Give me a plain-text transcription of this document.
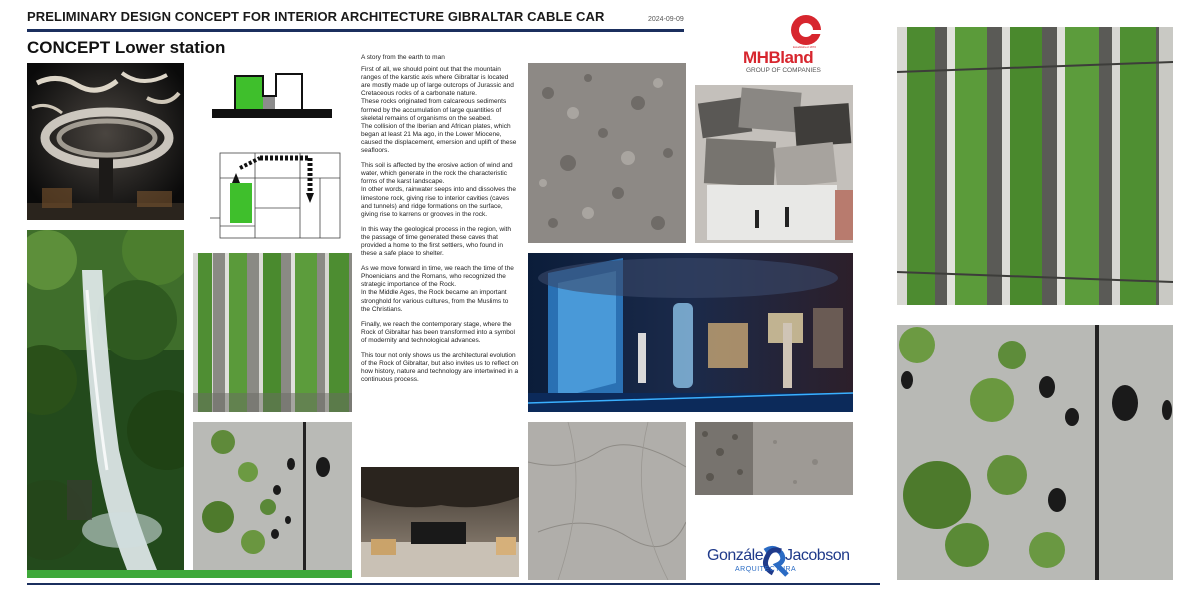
PRELIMINARY DESIGN CONCEPT FOR INTERIOR ARCHITECTURE GIBRALTAR CABLE CAR	2024-09-09
CONCEPT Lower station

A story from the earth to man

First of all, we should point out that the mountain ranges of the karstic axis where Gibraltar is located are mostly made up of large outcrops of Jurassic and Cretaceous rocks of a carbonate nature.
These rocks originated from calcareous sediments formed by the accumulation of large quantities of skeletal remains of organisms on the seabed.
The collision of the Iberian and African plates, which began at least 21 Ma ago, in the Lower Miocene, caused the displacement, emersion and uplift of these seafloors.

This soil is affected by the erosive action of wind and water, which generate in the rock the characteristic forms of the karst landscape.
In other words, rainwater seeps into and dissolves the limestone rock, giving rise to interior cavities (caves and tunnels) and ridge formations on the surface, giving rise to karrens or grooves in the rock.

In this way the geological process in the region, with the passage of time generated these caves that provided a home to the first settlers, who found in these a safe place to shelter.

As we move forward in time, we reach the time of the Phoenicians and the Romans, who recognized the strategic importance of the Rock.
In the Middle Ages, the Rock became an important stronghold for various cultures, from the Muslims to the Christians.

Finally, we reach the contemporary stage, where the Rock of Gibraltar has been transformed into a symbol of modernity and technological advances.

This tour not only shows us the architectural evolution of the Rock of Gibraltar, but also invites us to reflect on how history, nature and technology are intertwined in a continuous process.

Established 1870
MHBland
GROUP OF COMPANIES
Gonzále Jacobson
ARQUITECTURA
